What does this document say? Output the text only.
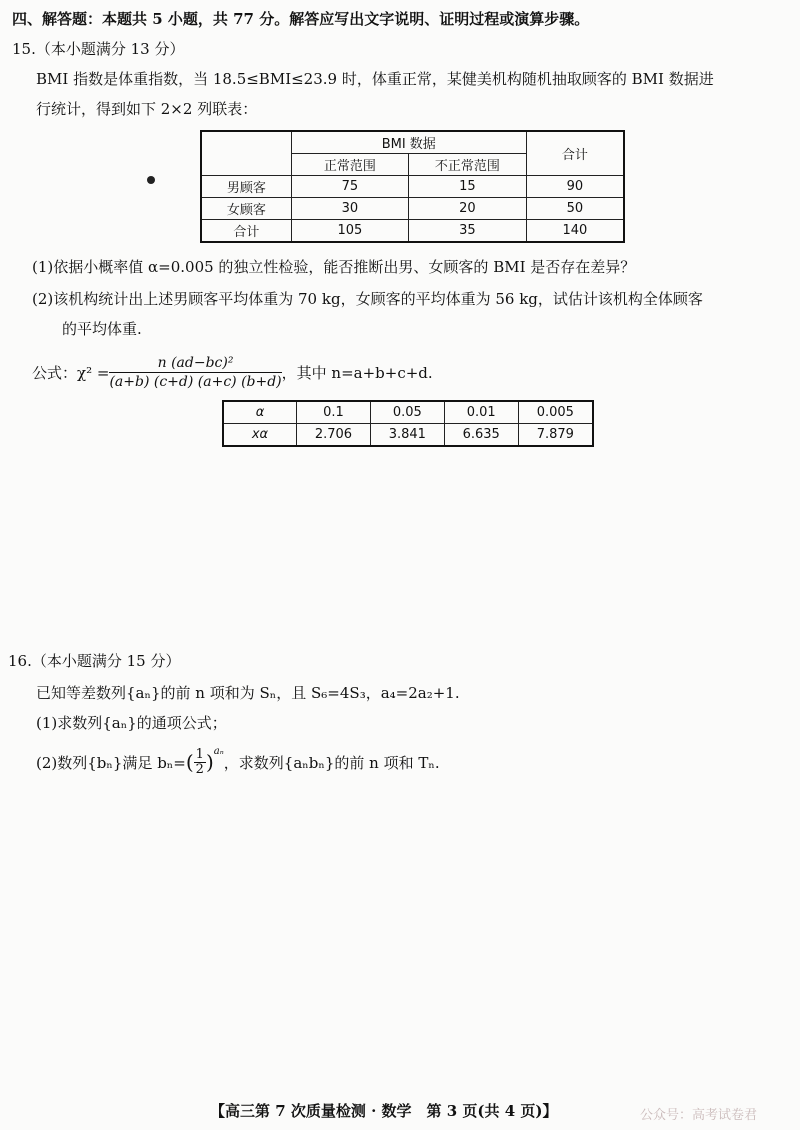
四、解答题：本题共 5 小题，共 77 分。解答应写出文字说明、证明过程或演算步骤。
15.（本小题满分 13 分）
BMI 指数是体重指数，当 18.5≤BMI≤23.9 时，体重正常，某健美机构随机抽取顾客的 BMI 数据进
行统计，得到如下 2×2 列联表：
	BMI 数据		合计
	正常范围	不正常范围	
男顾客	75	15	90
女顾客	30	20	50
合计	105	35	140
(1)依据小概率值 α=0.005 的独立性检验，能否推断出男、女顾客的 BMI 是否存在差异？
(2)该机构统计出上述男顾客平均体重为 70 kg，女顾客的平均体重为 56 kg，试估计该机构全体顾客
的平均体重.
公式：$\chi^2 = \frac{\text{n (ad−bc)²}}{(a+b) (c+d) (a+c) (b+d)}$ ，其中 n=a+b+c+d.
α	0.1	0.05	0.01	0.005
xα	2.706	3.841	6.635	7.879
16.（本小题满分 15 分）
已知等差数列{aₙ}的前 n 项和为 Sₙ，且 S₆=4S₃，a₄=2a₂+1.
(1)求数列{aₙ}的通项公式；
(2)数列{bₙ}满足 bₙ= ( $\frac{1}{2} )^{a_n}$
，求数列{aₙbₙ}的前 n 项和 Tₙ.
【高三第 7 次质量检测 · 数学　第 3 页(共 4 页)】	公众号：高考试卷君
